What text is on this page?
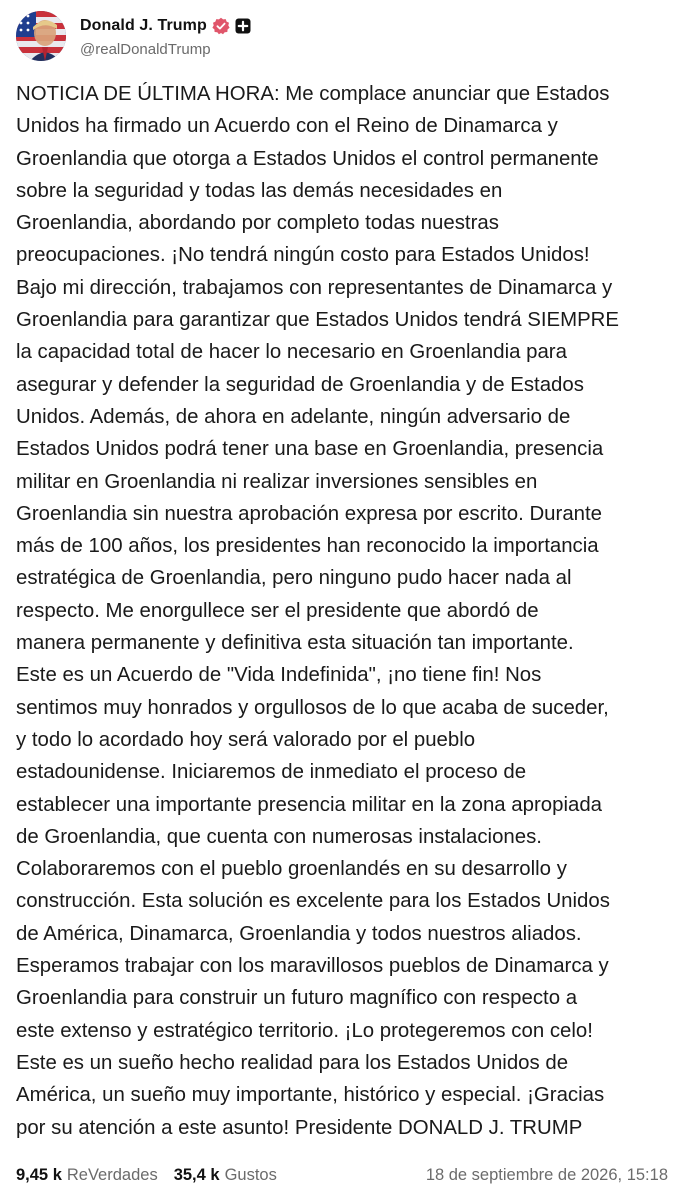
Donald J. Trump
@realDonaldTrump
NOTICIA DE ÚLTIMA HORA: Me complace anunciar que Estados
Unidos ha firmado un Acuerdo con el Reino de Dinamarca y
Groenlandia que otorga a Estados Unidos el control permanente
sobre la seguridad y todas las demás necesidades en
Groenlandia, abordando por completo todas nuestras
preocupaciones. ¡No tendrá ningún costo para Estados Unidos!
Bajo mi dirección, trabajamos con representantes de Dinamarca y
Groenlandia para garantizar que Estados Unidos tendrá SIEMPRE
la capacidad total de hacer lo necesario en Groenlandia para
asegurar y defender la seguridad de Groenlandia y de Estados
Unidos. Además, de ahora en adelante, ningún adversario de
Estados Unidos podrá tener una base en Groenlandia, presencia
militar en Groenlandia ni realizar inversiones sensibles en
Groenlandia sin nuestra aprobación expresa por escrito. Durante
más de 100 años, los presidentes han reconocido la importancia
estratégica de Groenlandia, pero ninguno pudo hacer nada al
respecto. Me enorgullece ser el presidente que abordó de
manera permanente y definitiva esta situación tan importante.
Este es un Acuerdo de "Vida Indefinida", ¡no tiene fin! Nos
sentimos muy honrados y orgullosos de lo que acaba de suceder,
y todo lo acordado hoy será valorado por el pueblo
estadounidense. Iniciaremos de inmediato el proceso de
establecer una importante presencia militar en la zona apropiada
de Groenlandia, que cuenta con numerosas instalaciones.
Colaboraremos con el pueblo groenlandés en su desarrollo y
construcción. Esta solución es excelente para los Estados Unidos
de América, Dinamarca, Groenlandia y todos nuestros aliados.
Esperamos trabajar con los maravillosos pueblos de Dinamarca y
Groenlandia para construir un futuro magnífico con respecto a
este extenso y estratégico territorio. ¡Lo protegeremos con celo!
Este es un sueño hecho realidad para los Estados Unidos de
América, un sueño muy importante, histórico y especial. ¡Gracias
por su atención a este asunto! Presidente DONALD J. TRUMP
9,45 k ReVerdades 35,4 k Gustos	18 de septiembre de 2026, 15:18
